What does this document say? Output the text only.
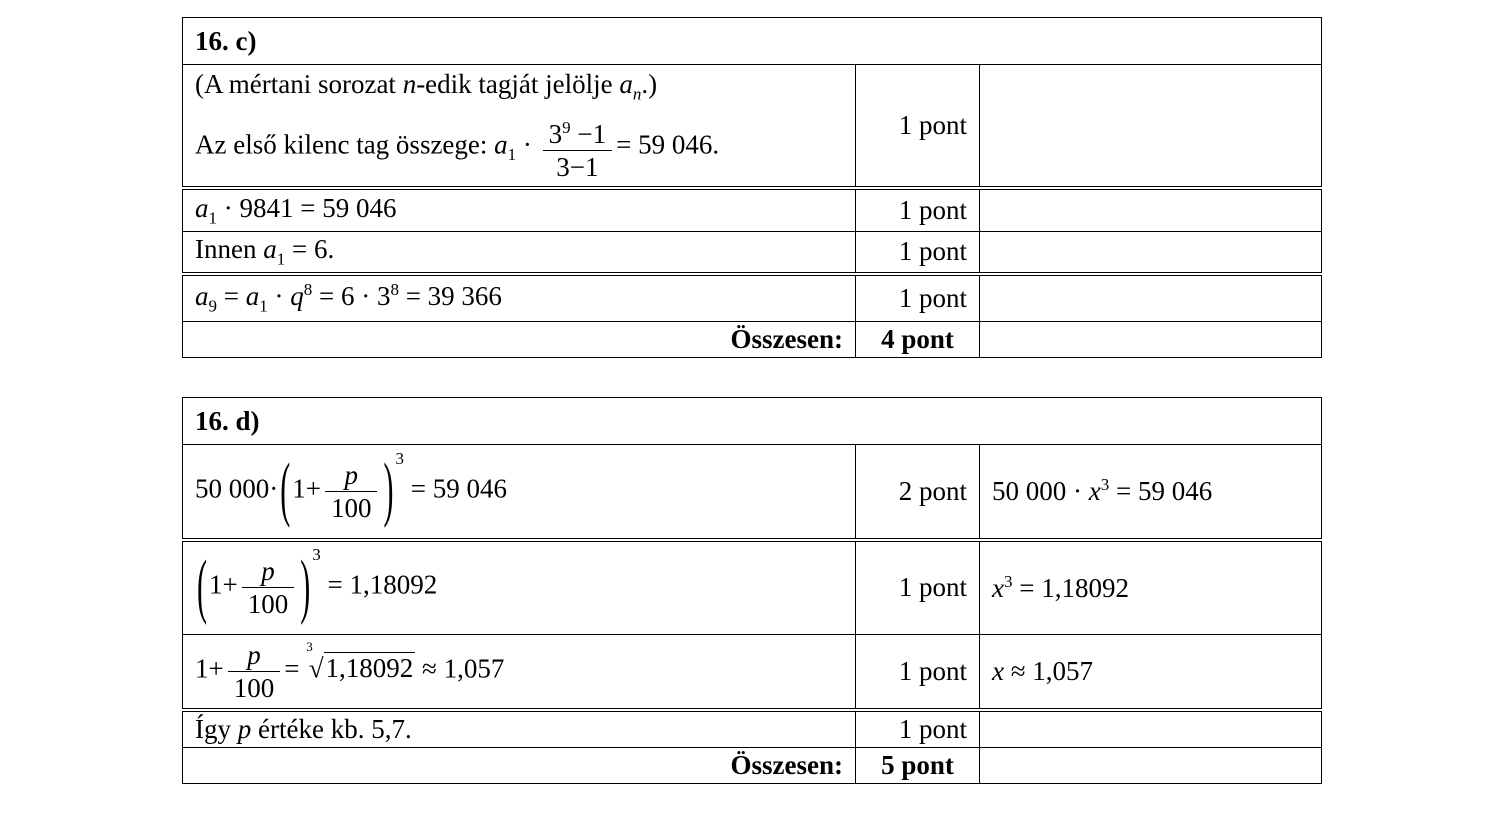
16. c)		

(A mértani sorozat n-edik tagját jelölje $a_n$.)
Az első kilenc tag összege: $a_1 \cdot \frac{3^9 -1}{3-1} = 59$ 046.	1 pont	
$a_1 \cdot 9841 = 59$ 046	1 pont	
Innen $a_1 = 6$.	1 pont	
$a_9 = a_1 \cdot q^8 = 6 \cdot 3^8 = 39$ 366	1 pont	
Összesen:	4 pont	
16. d)		
50 $000\cdot(1+ \frac{p}{100}$ ) 3 = 59 046	2 pont	50 $000 \cdot x^3 = 59$ 046
($1+ \frac{p}{100}$ ) 3 = 1,18092	1 pont	$x^3 = 1,18092$
$1+ \frac{p}{100} = ^3√1,18092 \approx 1,057$	1 pont	x ≈ 1,057
Így p értéke kb. 5,7.	1 pont	
Összesen:	5 pont	
